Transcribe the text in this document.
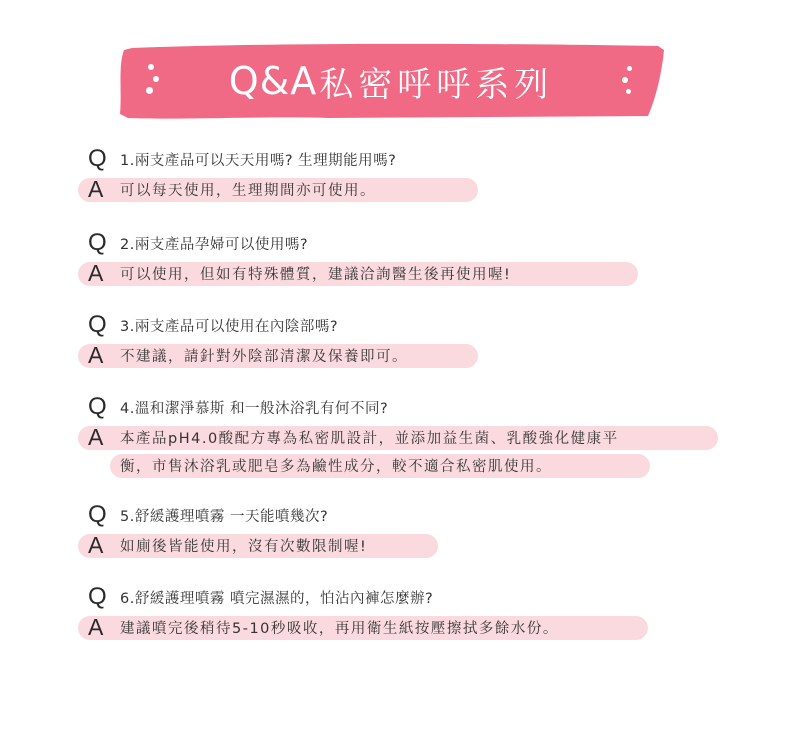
Q&A 私密呼呼系列
Q 1.兩支產品可以天天用嗎? 生理期能用嗎?
A	可以每天使用，生理期間亦可使用。
Q 2.兩支產品孕婦可以使用嗎?
A	可以使用，但如有特殊體質，建議洽詢醫生後再使用喔!
Q 3.兩支產品可以使用在內陰部嗎?
A	不建議，請針對外陰部清潔及保養即可。
Q 4.溫和潔淨慕斯 和一般沐浴乳有何不同?
A	本產品pH4.0酸配方專為私密肌設計，並添加益生菌、乳酸強化健康平
衡，市售沐浴乳或肥皂多為鹼性成分，較不適合私密肌使用。
Q 5.舒緩護理噴霧 一天能噴幾次?
A	如廁後皆能使用，沒有次數限制喔!
Q 6.舒緩護理噴霧 噴完濕濕的，怕沾內褲怎麼辦?
A	建議噴完後稍待5-10秒吸收，再用衛生紙按壓擦拭多餘水份。
